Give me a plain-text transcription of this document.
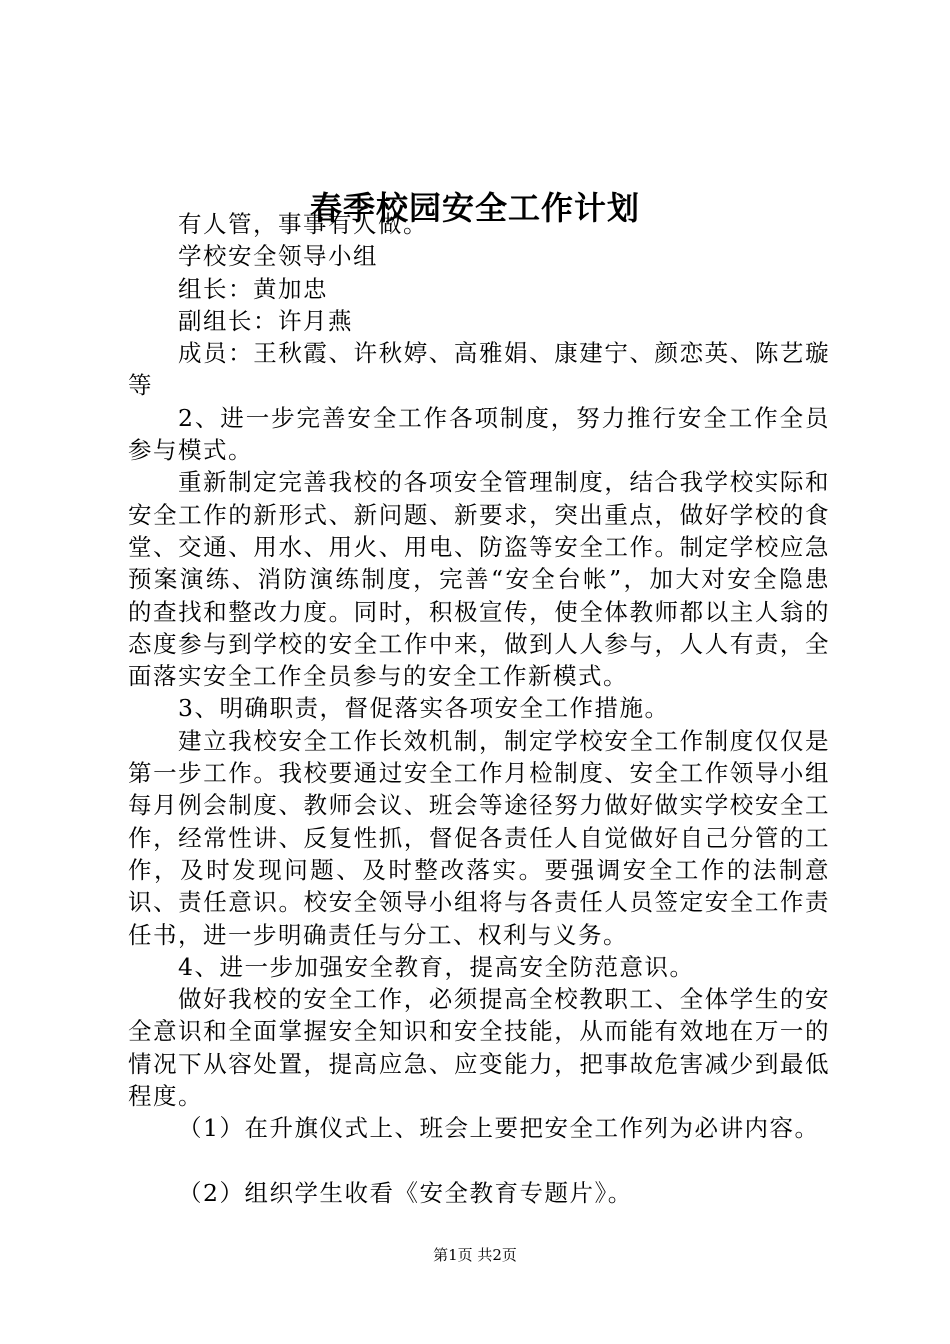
春季校园安全工作计划

有人管，事事有人做。

学校安全领导小组

组长：黄加忠

副组长：许月燕

成员：王秋霞、许秋婷、高雅娟、康建宁、颜恋英、陈艺璇等

2、进一步完善安全工作各项制度，努力推行安全工作全员参与模式。

重新制定完善我校的各项安全管理制度，结合我学校实际和安全工作的新形式、新问题、新要求，突出重点，做好学校的食堂、交通、用水、用火、用电、防盗等安全工作。制定学校应急预案演练、消防演练制度，完善“安全台帐”，加大对安全隐患的查找和整改力度。同时，积极宣传，使全体教师都以主人翁的态度参与到学校的安全工作中来，做到人人参与，人人有责，全面落实安全工作全员参与的安全工作新模式。

3、明确职责，督促落实各项安全工作措施。

建立我校安全工作长效机制，制定学校安全工作制度仅仅是第一步工作。我校要通过安全工作月检制度、安全工作领导小组每月例会制度、教师会议、班会等途径努力做好做实学校安全工作，经常性讲、反复性抓，督促各责任人自觉做好自己分管的工作，及时发现问题、及时整改落实。要强调安全工作的法制意识、责任意识。校安全领导小组将与各责任人员签定安全工作责任书，进一步明确责任与分工、权利与义务。

4、进一步加强安全教育，提高安全防范意识。

做好我校的安全工作，必须提高全校教职工、全体学生的安全意识和全面掌握安全知识和安全技能，从而能有效地在万一的情况下从容处置，提高应急、应变能力，把事故危害减少到最低程度。

（1）在升旗仪式上、班会上要把安全工作列为必讲内容。

（2）组织学生收看《安全教育专题片》。

第1页 共2页
